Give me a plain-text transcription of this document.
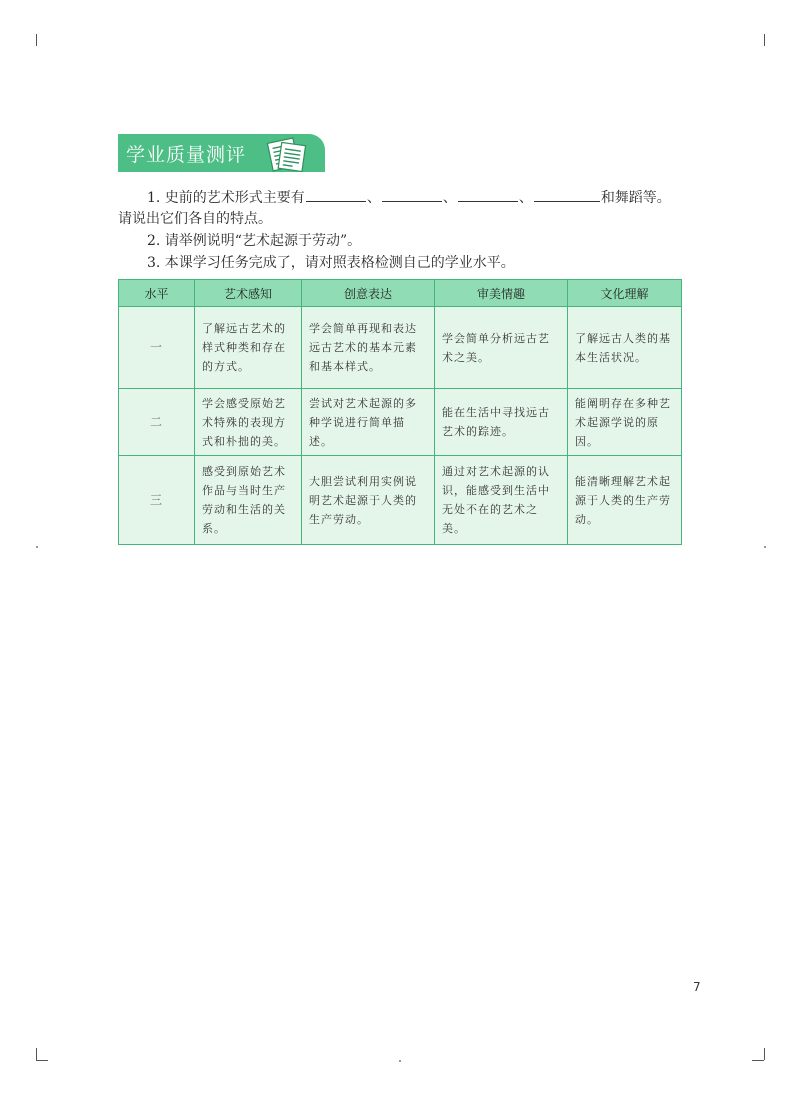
学业质量测评
1. 史前的艺术形式主要有	、	、	、	和舞蹈等。
请说出它们各自的特点。
2. 请举例说明“艺术起源于劳动”。
3. 本课学习任务完成了，请对照表格检测自己的学业水平。
水平	艺术感知	创意表达	审美情趣	文化理解
一	了解远古艺术的样式种类和存在的方式。	学会简单再现和表达远古艺术的基本元素和基本样式。	学会简单分析远古艺术之美。	了解远古人类的基本生活状况。
二	学会感受原始艺术特殊的表现方式和朴拙的美。	尝试对艺术起源的多种学说进行简单描述。	能在生活中寻找远古艺术的踪迹。	能阐明存在多种艺术起源学说的原因。
三	感受到原始艺术作品与当时生产劳动和生活的关系。	大胆尝试利用实例说明艺术起源于人类的生产劳动。	通过对艺术起源的认识，能感受到生活中无处不在的艺术之美。	能清晰理解艺术起源于人类的生产劳动。
7
